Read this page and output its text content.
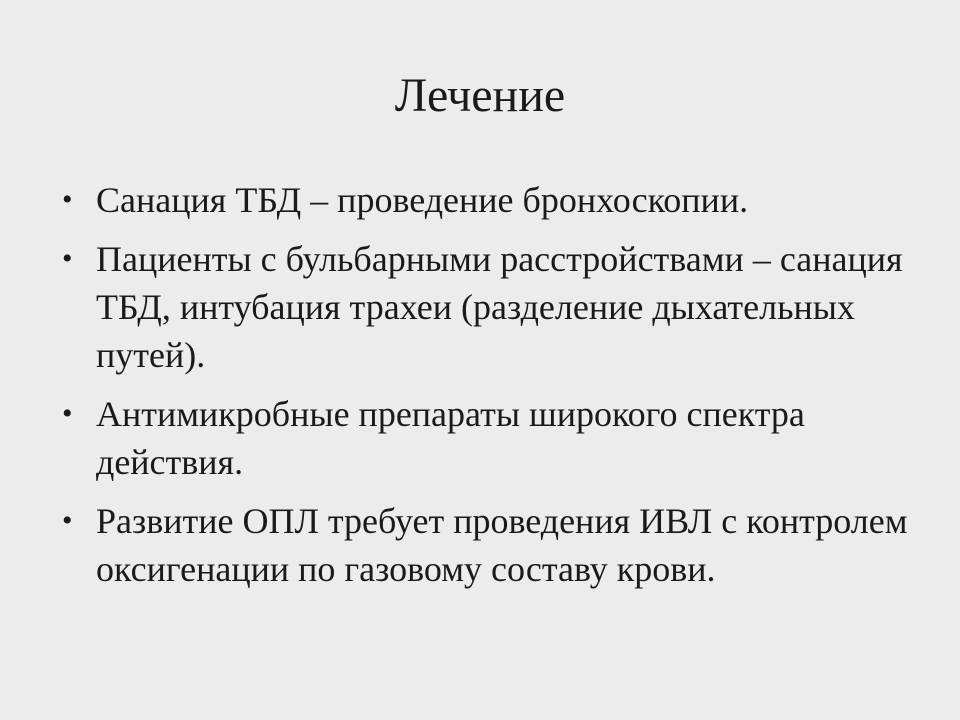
Лечение
• Санация ТБД – проведение бронхоскопии.
• Пациенты с бульбарными расстройствами – санация ТБД, интубация трахеи (разделение дыхательных путей).
• Антимикробные препараты широкого спектра действия.
• Развитие ОПЛ требует проведения ИВЛ с контролем оксигенации по газовому составу крови.
